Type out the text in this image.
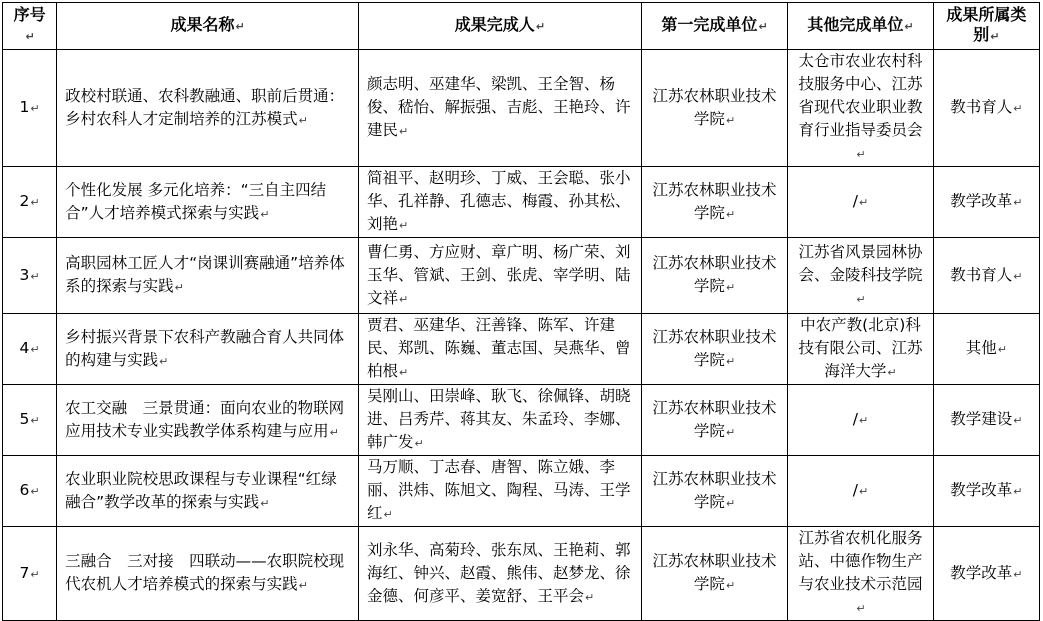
序号↵	成果名称↵	成果完成人↵	第一完成单位↵	其他完成单位↵	成果所属类别↵
1↵	政校村联通、农科教融通、职前后贯通：乡村农科人才定制培养的江苏模式↵	颜志明、巫建华、梁凯、王全智、杨俊、嵇怡、解振强、吉彪、王艳玲、许建民↵	江苏农林职业技术学院↵	太仓市农业农村科技服务中心、江苏省现代农业职业教育行业指导委员会↵	教书育人↵
2↵	个性化发展 多元化培养：“三自主四结合”人才培养模式探索与实践↵	简祖平、赵明珍、丁威、王会聪、张小华、孔祥静、孔德志、梅霞、孙其松、刘艳↵	江苏农林职业技术学院↵	/↵	教学改革↵
3↵	高职园林工匠人才“岗课训赛融通”培养体系的探索与实践↵	曹仁勇、方应财、章广明、杨广荣、刘玉华、管斌、王剑、张虎、宰学明、陆文祥↵	江苏农林职业技术学院↵	江苏省风景园林协会、金陵科技学院↵	教书育人↵
4↵	乡村振兴背景下农科产教融合育人共同体的构建与实践↵	贾君、巫建华、汪善锋、陈军、许建民、郑凯、陈巍、董志国、吴燕华、曾柏根↵	江苏农林职业技术学院↵	中农产教(北京)科技有限公司、江苏海洋大学↵	其他↵
5↵	农工交融　三景贯通：面向农业的物联网应用技术专业实践教学体系构建与应用↵	吴刚山、田崇峰、耿飞、徐佩锋、胡晓进、吕秀芹、蒋其友、朱孟玲、李娜、韩广发↵	江苏农林职业技术学院↵	/↵	教学建设↵
6↵	农业职业院校思政课程与专业课程“红绿融合”教学改革的探索与实践↵	马万顺、丁志春、唐智、陈立娥、李丽、洪炜、陈旭文、陶程、马涛、王学红↵	江苏农林职业技术学院↵	/↵	教学改革↵
7↵	三融合　三对接　四联动——农职院校现代农机人才培养模式的探索与实践↵	刘永华、高菊玲、张东凤、王艳莉、郭海红、钟兴、赵霞、熊伟、赵梦龙、徐金德、何彦平、姜宽舒、王平会↵	江苏农林职业技术学院↵	江苏省农机化服务站、中德作物生产与农业技术示范园↵	教学改革↵
